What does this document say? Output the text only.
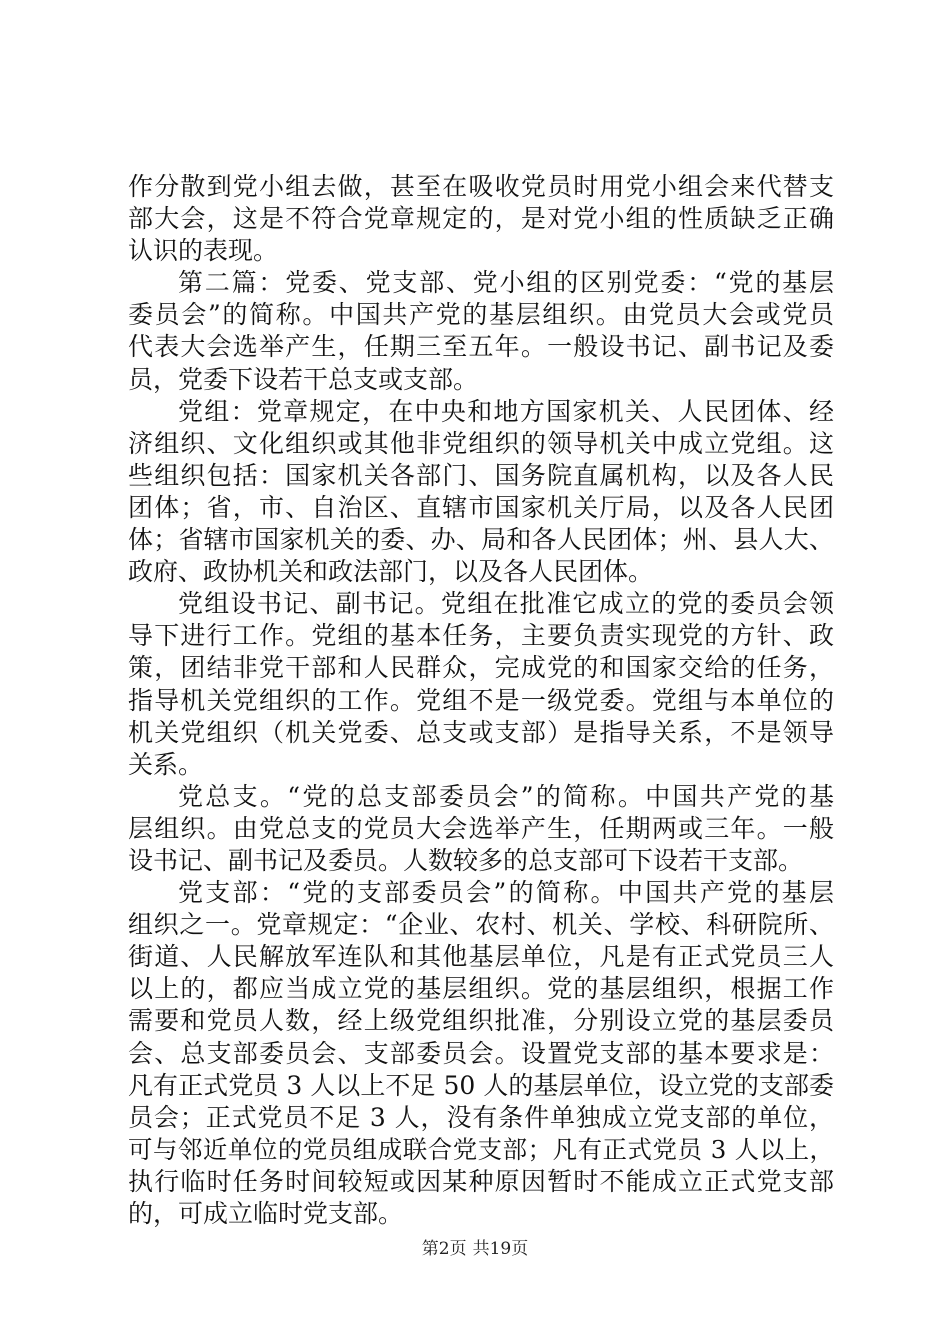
作分散到党小组去做，甚至在吸收党员时用党小组会来代替支
部大会，这是不符合党章规定的，是对党小组的性质缺乏正确
认识的表现。
第二篇：党委、党支部、党小组的区别党委：“党的基层
委员会”的简称。中国共产党的基层组织。由党员大会或党员
代表大会选举产生，任期三至五年。一般设书记、副书记及委
员，党委下设若干总支或支部。
党组：党章规定，在中央和地方国家机关、人民团体、经
济组织、文化组织或其他非党组织的领导机关中成立党组。这
些组织包括：国家机关各部门、国务院直属机构，以及各人民
团体；省，市、自治区、直辖市国家机关厅局，以及各人民团
体；省辖市国家机关的委、办、局和各人民团体；州、县人大、
政府、政协机关和政法部门，以及各人民团体。
党组设书记、副书记。党组在批准它成立的党的委员会领
导下进行工作。党组的基本任务，主要负责实现党的方针、政
策，团结非党干部和人民群众，完成党的和国家交给的任务，
指导机关党组织的工作。党组不是一级党委。党组与本单位的
机关党组织（机关党委、总支或支部）是指导关系，不是领导
关系。
党总支。“党的总支部委员会”的简称。中国共产党的基
层组织。由党总支的党员大会选举产生，任期两或三年。一般
设书记、副书记及委员。人数较多的总支部可下设若干支部。
党支部：“党的支部委员会”的简称。中国共产党的基层
组织之一。党章规定：“企业、农村、机关、学校、科研院所、
街道、人民解放军连队和其他基层单位，凡是有正式党员三人
以上的，都应当成立党的基层组织。党的基层组织，根据工作
需要和党员人数，经上级党组织批准，分别设立党的基层委员
会、总支部委员会、支部委员会。设置党支部的基本要求是：
凡有正式党员 3 人以上不足 50 人的基层单位，设立党的支部委
员会；正式党员不足 3 人，没有条件单独成立党支部的单位，
可与邻近单位的党员组成联合党支部；凡有正式党员 3 人以上，
执行临时任务时间较短或因某种原因暂时不能成立正式党支部
的，可成立临时党支部。
第2页 共19页
